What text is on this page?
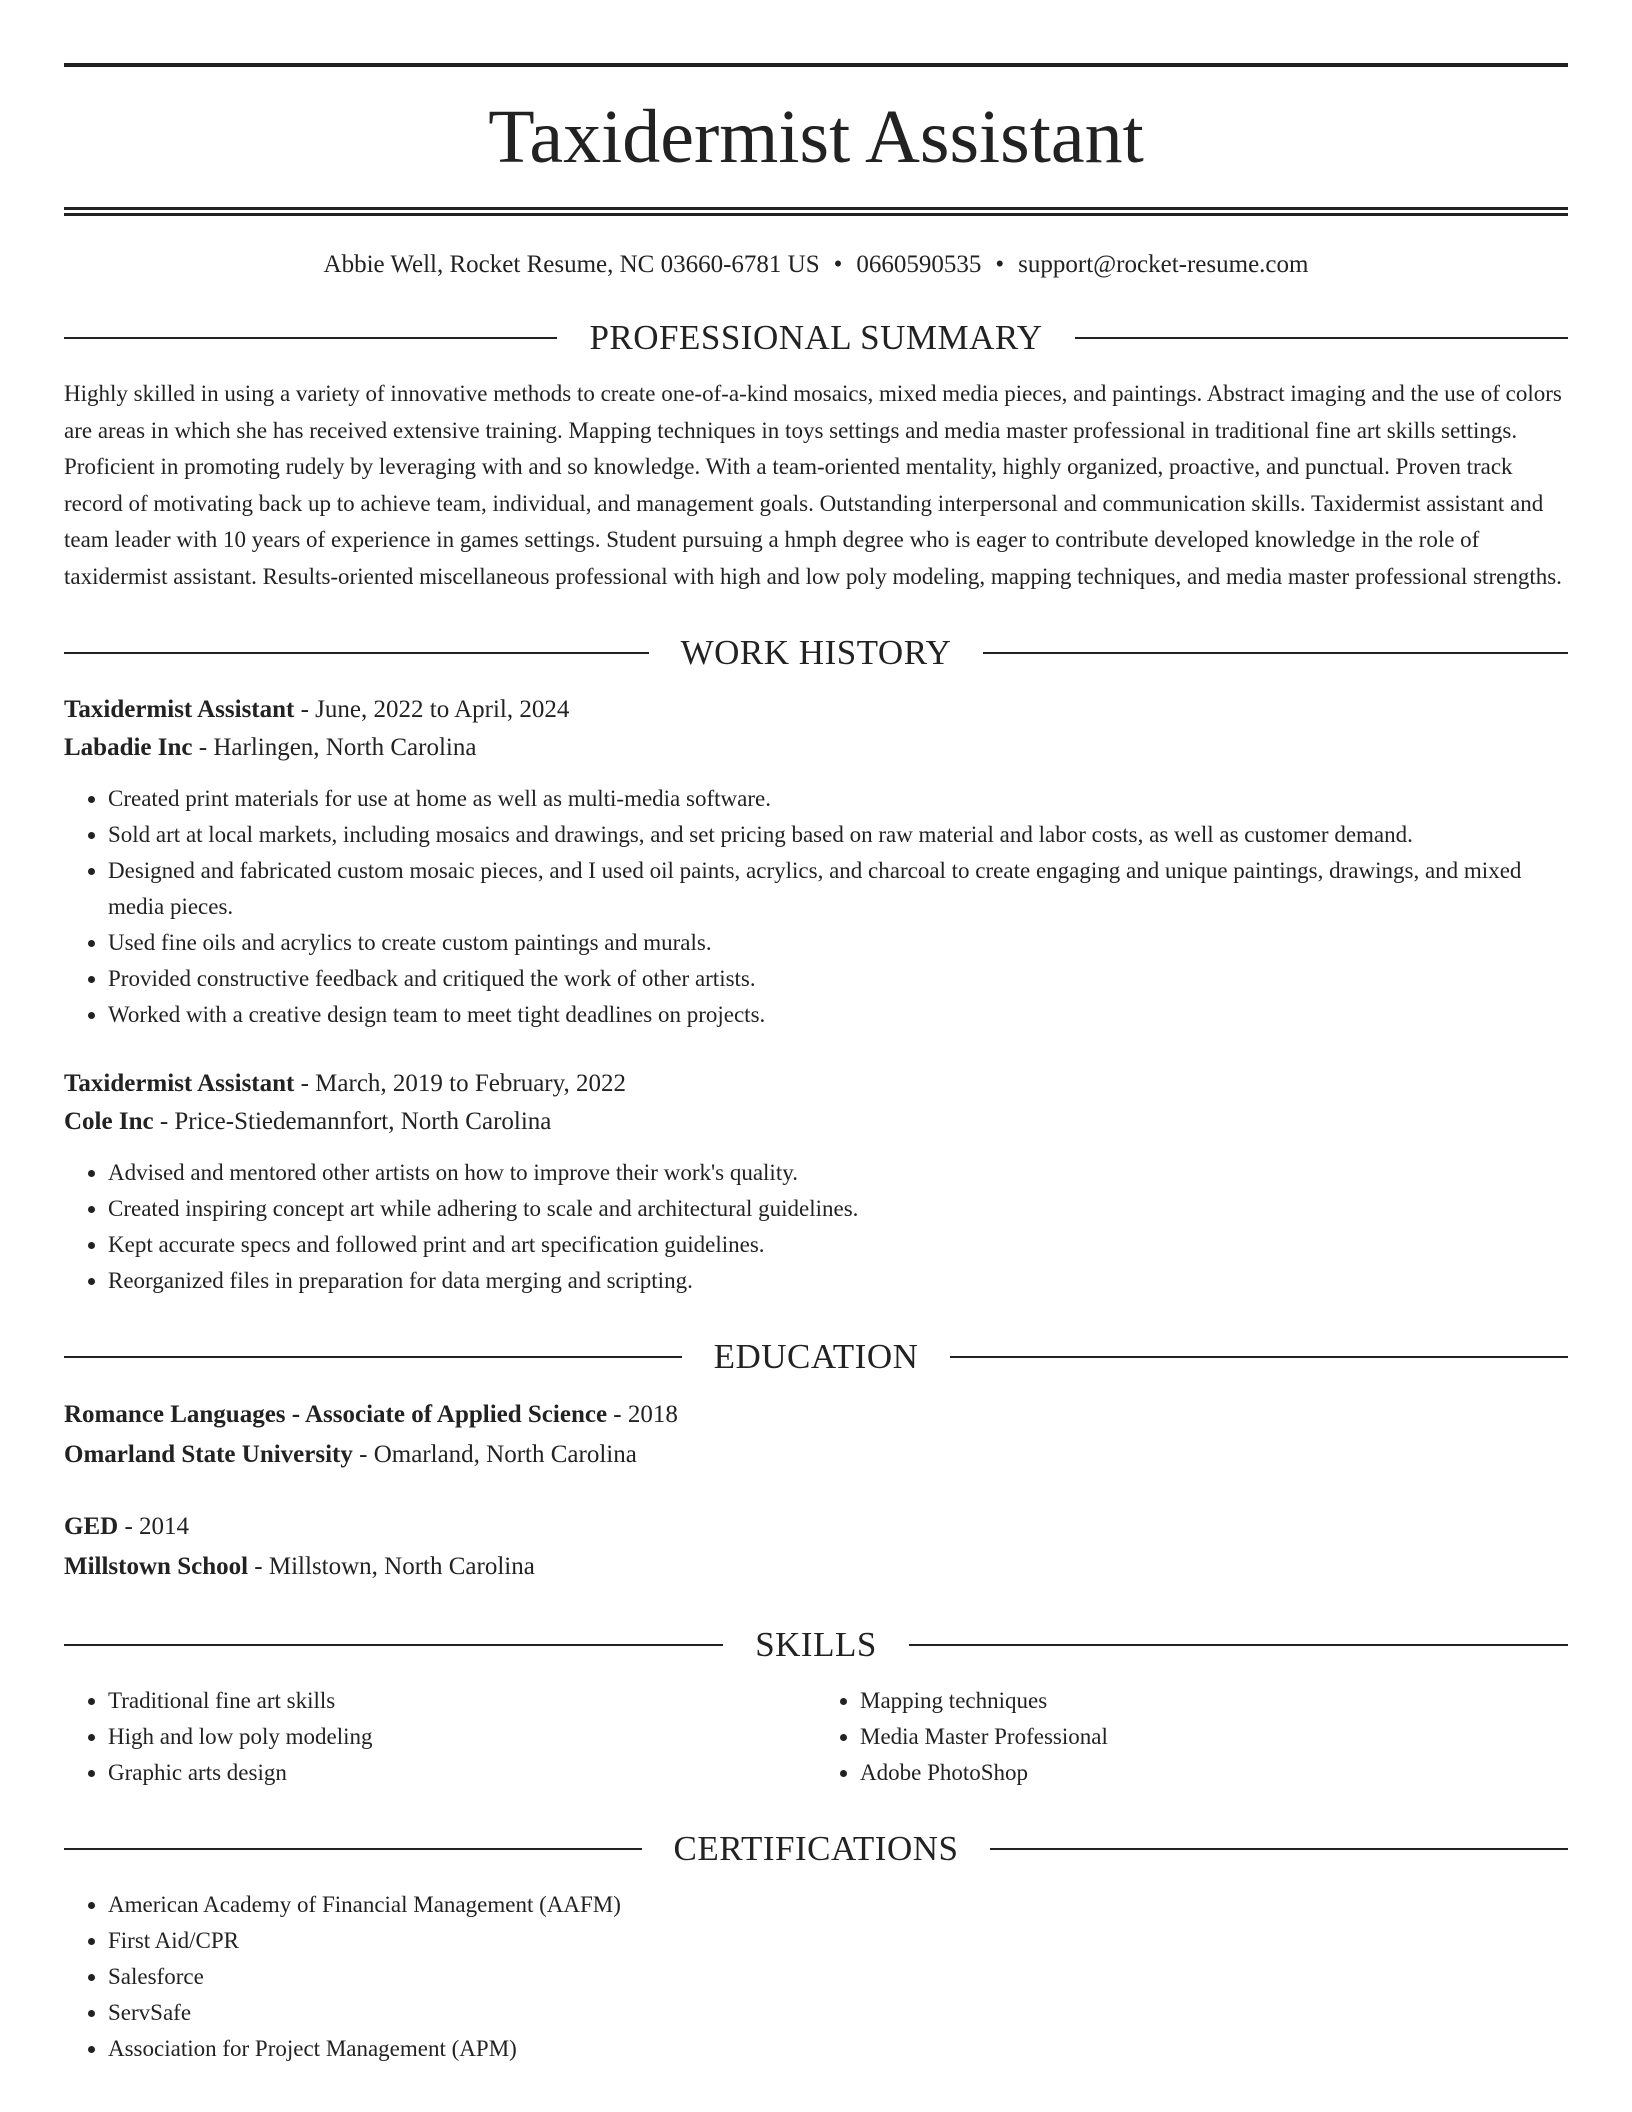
Taxidermist Assistant
Abbie Well, Rocket Resume, NC 03660-6781 US • 0660590535 • support@rocket-resume.com
PROFESSIONAL SUMMARY

Highly skilled in using a variety of innovative methods to create one-of-a-kind mosaics, mixed media pieces, and paintings. Abstract imaging and the use of colors are areas in which she has received extensive training. Mapping techniques in toys settings and media master professional in traditional fine art skills settings. Proficient in promoting rudely by leveraging with and so knowledge. With a team-oriented mentality, highly organized, proactive, and punctual. Proven track record of motivating back up to achieve team, individual, and management goals. Outstanding interpersonal and communication skills. Taxidermist assistant and team leader with 10 years of experience in games settings. Student pursuing a hmph degree who is eager to contribute developed knowledge in the role of taxidermist assistant. Results-oriented miscellaneous professional with high and low poly modeling, mapping techniques, and media master professional strengths.

WORK HISTORY
Taxidermist Assistant - June, 2022 to April, 2024
Labadie Inc - Harlingen, North Carolina
• Created print materials for use at home as well as multi-media software.
• Sold art at local markets, including mosaics and drawings, and set pricing based on raw material and labor costs, as well as customer demand.
• Designed and fabricated custom mosaic pieces, and I used oil paints, acrylics, and charcoal to create engaging and unique paintings, drawings, and mixed media pieces.
• Used fine oils and acrylics to create custom paintings and murals.
• Provided constructive feedback and critiqued the work of other artists.
• Worked with a creative design team to meet tight deadlines on projects.
Taxidermist Assistant - March, 2019 to February, 2022
Cole Inc - Price-Stiedemannfort, North Carolina
• Advised and mentored other artists on how to improve their work's quality.
• Created inspiring concept art while adhering to scale and architectural guidelines.
• Kept accurate specs and followed print and art specification guidelines.
• Reorganized files in preparation for data merging and scripting.
EDUCATION
Romance Languages - Associate of Applied Science - 2018
Omarland State University - Omarland, North Carolina
GED - 2014
Millstown School - Millstown, North Carolina
SKILLS
• Traditional fine art skills
• High and low poly modeling
• Graphic arts design
• Mapping techniques
• Media Master Professional
• Adobe PhotoShop
CERTIFICATIONS
• American Academy of Financial Management (AAFM)
• First Aid/CPR
• Salesforce
• ServSafe
• Association for Project Management (APM)
